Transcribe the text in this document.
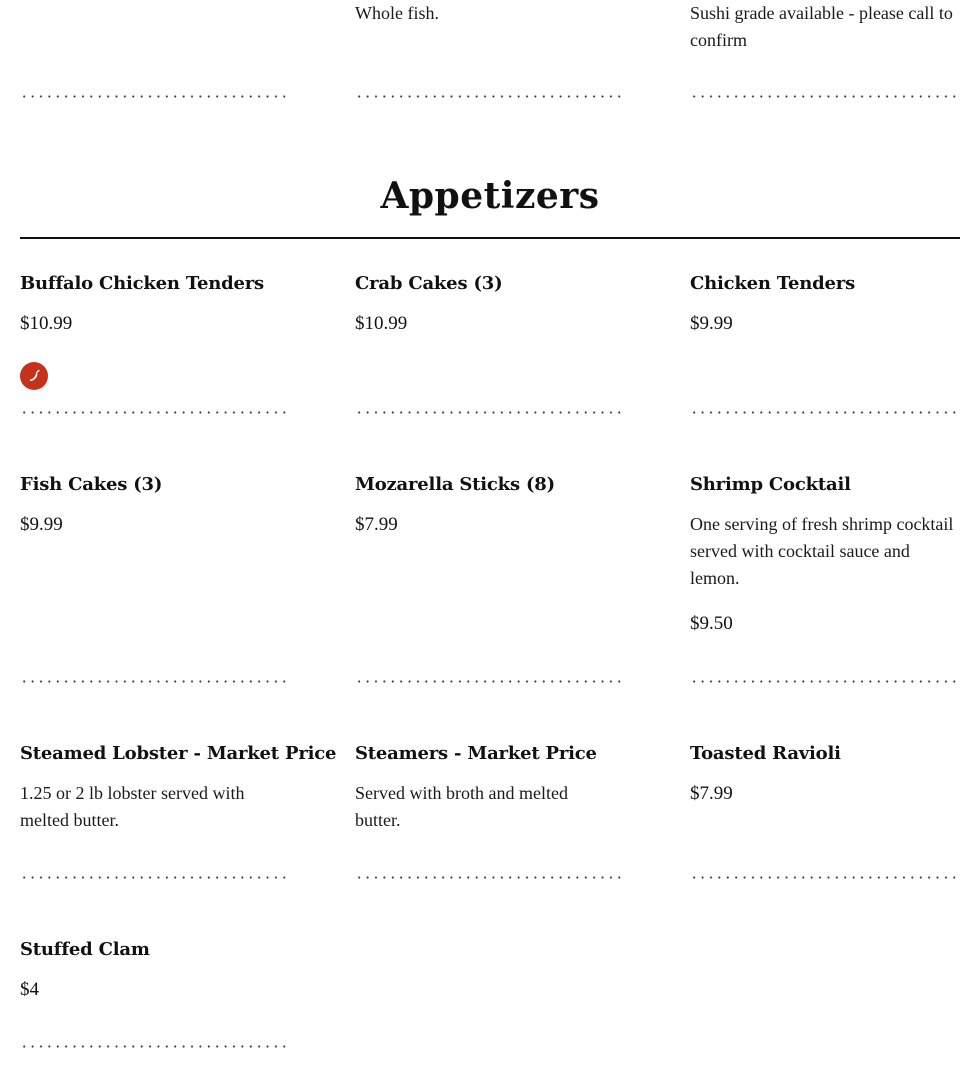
Whole fish.	Sushi grade available - please call to confirm
Appetizers
Buffalo Chicken Tenders
$10.99
Crab Cakes (3)
$10.99
Chicken Tenders
$9.99
Fish Cakes (3)
$9.99
Mozarella Sticks (8)
$7.99
Shrimp Cocktail
One serving of fresh shrimp cocktail served with cocktail sauce and lemon.
$9.50
Steamed Lobster - Market Price
1.25 or 2 lb lobster served with melted butter.
Steamers - Market Price
Served with broth and melted butter.
Toasted Ravioli
$7.99
Stuffed Clam
$4
